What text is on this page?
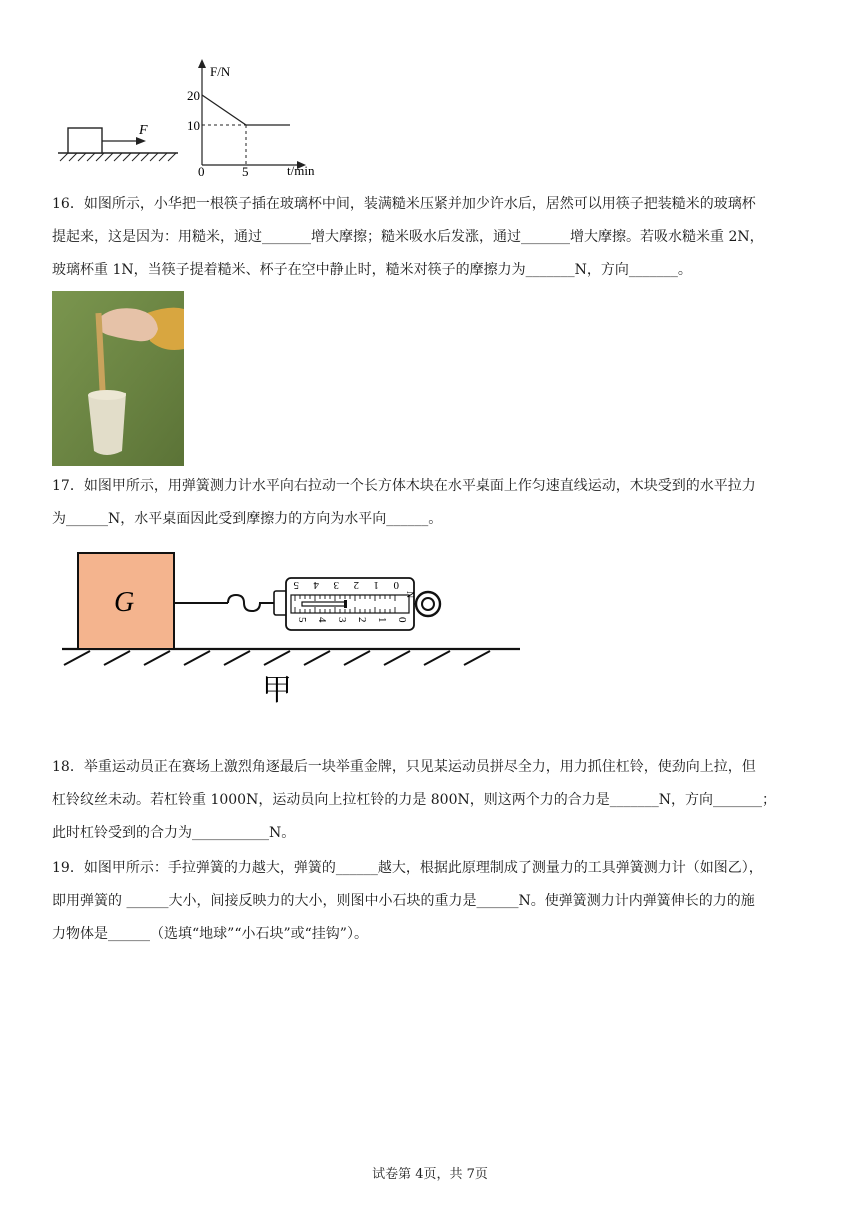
F
F/N
t/min
20
10
0	5
16．如图所示，小华把一根筷子插在玻璃杯中间，装满糙米压紧并加少许水后，居然可以用筷子把装糙米的玻璃杯
提起来，这是因为：用糙米，通过_______增大摩擦；糙米吸水后发涨，通过_______增大摩擦。若吸水糙米重 2N，
玻璃杯重 1N，当筷子提着糙米、杯子在空中静止时，糙米对筷子的摩擦力为_______N，方向_______。
17．如图甲所示，用弹簧测力计水平向右拉动一个长方体木块在水平桌面上作匀速直线运动，木块受到的水平拉力
为______N，水平桌面因此受到摩擦力的方向为水平向______。
G
0
1
2
3
4
5
N
0
1
2
3
4
5
甲
18．举重运动员正在赛场上激烈角逐最后一块举重金牌，只见某运动员拼尽全力，用力抓住杠铃，使劲向上拉，但
杠铃纹丝未动。若杠铃重 1000N，运动员向上拉杠铃的力是 800N，则这两个力的合力是_______N，方向_______；
此时杠铃受到的合力为___________N。
19．如图甲所示：手拉弹簧的力越大，弹簧的______越大，根据此原理制成了测量力的工具弹簧测力计（如图乙），
即用弹簧的 ______大小，间接反映力的大小，则图中小石块的重力是______N。使弹簧测力计内弹簧伸长的力的施
力物体是______（选填“地球”“小石块”或“挂钩”）。
试卷第 4页，共 7页
